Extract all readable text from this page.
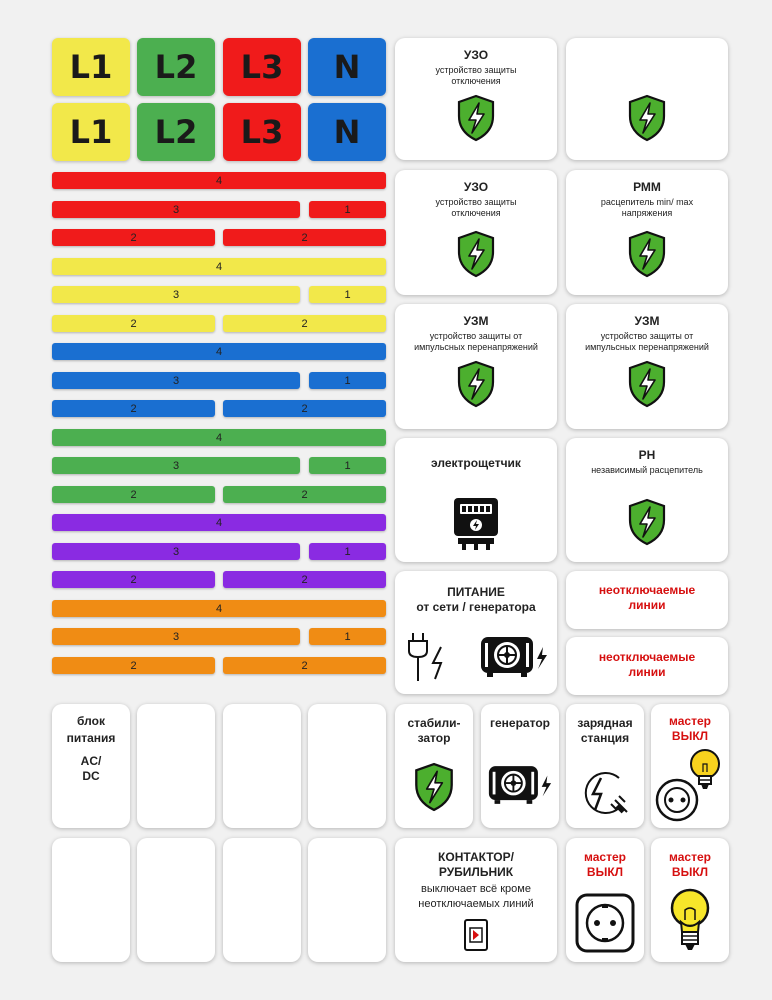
L1	L2	L3	N
L1	L2	L3	N
4
3	1
2	2
4
3	1
2	2
4
3	1
2	2
4
3	1
2	2
4
3	1
2	2
4
3	1
2	2
УЗО
устройство защиты отключения
УЗО
устройство защиты отключения
РММ
расцепитель min/ max напряжения
УЗМ
устройство защиты от импульсных перенапряжений
УЗМ
устройство защиты от импульсных перенапряжений
электрощетчик
РН
независимый расцепитель
ПИТАНИЕ
от сети / генератора
неотключаемые
линии
неотключаемые
линии
блок
питания
AC/
DC
стабили-
затор
генератор	зарядная
станция
мастер
ВЫКЛ
КОНТАКТОР/
РУБИЛЬНИК
выключает всё кроме
неотключаемых линий
мастер
ВЫКЛ
мастер
ВЫКЛ
